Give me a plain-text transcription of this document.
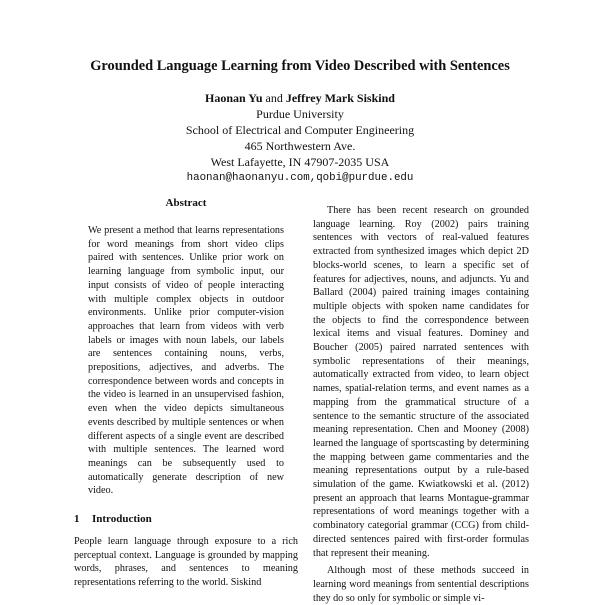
Grounded Language Learning from Video Described with Sentences
Haonan Yu and Jeffrey Mark Siskind
Purdue University
School of Electrical and Computer Engineering
465 Northwestern Ave.
West Lafayette, IN 47907-2035 USA
haonan@haonanyu.com,qobi@purdue.edu
Abstract

We present a method that learns representations for word meanings from short video clips paired with sentences. Unlike prior work on learning language from symbolic input, our input consists of video of people interacting with multiple complex objects in outdoor environments. Unlike prior computer-vision approaches that learn from videos with verb labels or images with noun labels, our labels are sentences containing nouns, verbs, prepositions, adjectives, and adverbs. The correspondence between words and concepts in the video is learned in an unsupervised fashion, even when the video depicts simultaneous events described by multiple sentences or when different aspects of a single event are described with multiple sentences. The learned word meanings can be subsequently used to automatically generate description of new video.

1 Introduction

People learn language through exposure to a rich perceptual context. Language is grounded by mapping words, phrases, and sentences to meaning representations referring to the world. Siskind

There has been recent research on grounded language learning. Roy (2002) pairs training sentences with vectors of real-valued features extracted from synthesized images which depict 2D blocks-world scenes, to learn a specific set of features for adjectives, nouns, and adjuncts. Yu and Ballard (2004) paired training images containing multiple objects with spoken name candidates for the objects to find the correspondence between lexical items and visual features. Dominey and Boucher (2005) paired narrated sentences with symbolic representations of their meanings, automatically extracted from video, to learn object names, spatial-relation terms, and event names as a mapping from the grammatical structure of a sentence to the semantic structure of the associated meaning representation. Chen and Mooney (2008) learned the language of sportscasting by determining the mapping between game commentaries and the meaning representations output by a rule-based simulation of the game. Kwiatkowski et al. (2012) present an approach that learns Montague-grammar representations of word meanings together with a combinatory categorial grammar (CCG) from child-directed sentences paired with first-order formulas that represent their meaning.

Although most of these methods succeed in learning word meanings from sentential descriptions they do so only for symbolic or simple vi-
